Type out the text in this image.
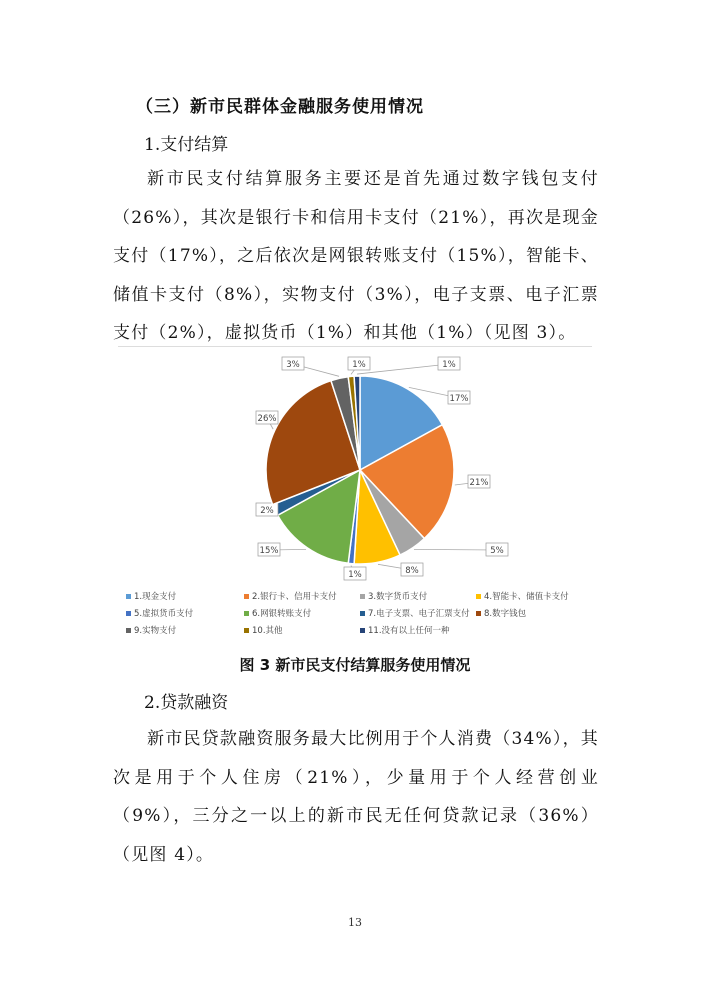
（三）新市民群体金融服务使用情况
1.支付结算

新市民支付结算服务主要还是首先通过数字钱包支付（26%），其次是银行卡和信用卡支付（21%），再次是现金支付（17%），之后依次是网银转账支付（15%），智能卡、储值卡支付（8%），实物支付（3%），电子支票、电子汇票支付（2%），虚拟货币（1%）和其他（1%）（见图 3）。

17%
21%
5%
8%
1%
15%
2%
26%
3%	1%	1%
1.现金支付	2.银行卡、信用卡支付	3.数字货币支付	4.智能卡、储值卡支付
5.虚拟货币支付	6.网银转账支付	7.电子支票、电子汇票支付	8.数字钱包
9.实物支付	10.其他	11.没有以上任何一种
图 3 新市民支付结算服务使用情况
2.贷款融资

新市民贷款融资服务最大比例用于个人消费（34%），其次是用于个人住房（21%），少量用于个人经营创业（9%），三分之一以上的新市民无任何贷款记录（36%）（见图 4）。

13
